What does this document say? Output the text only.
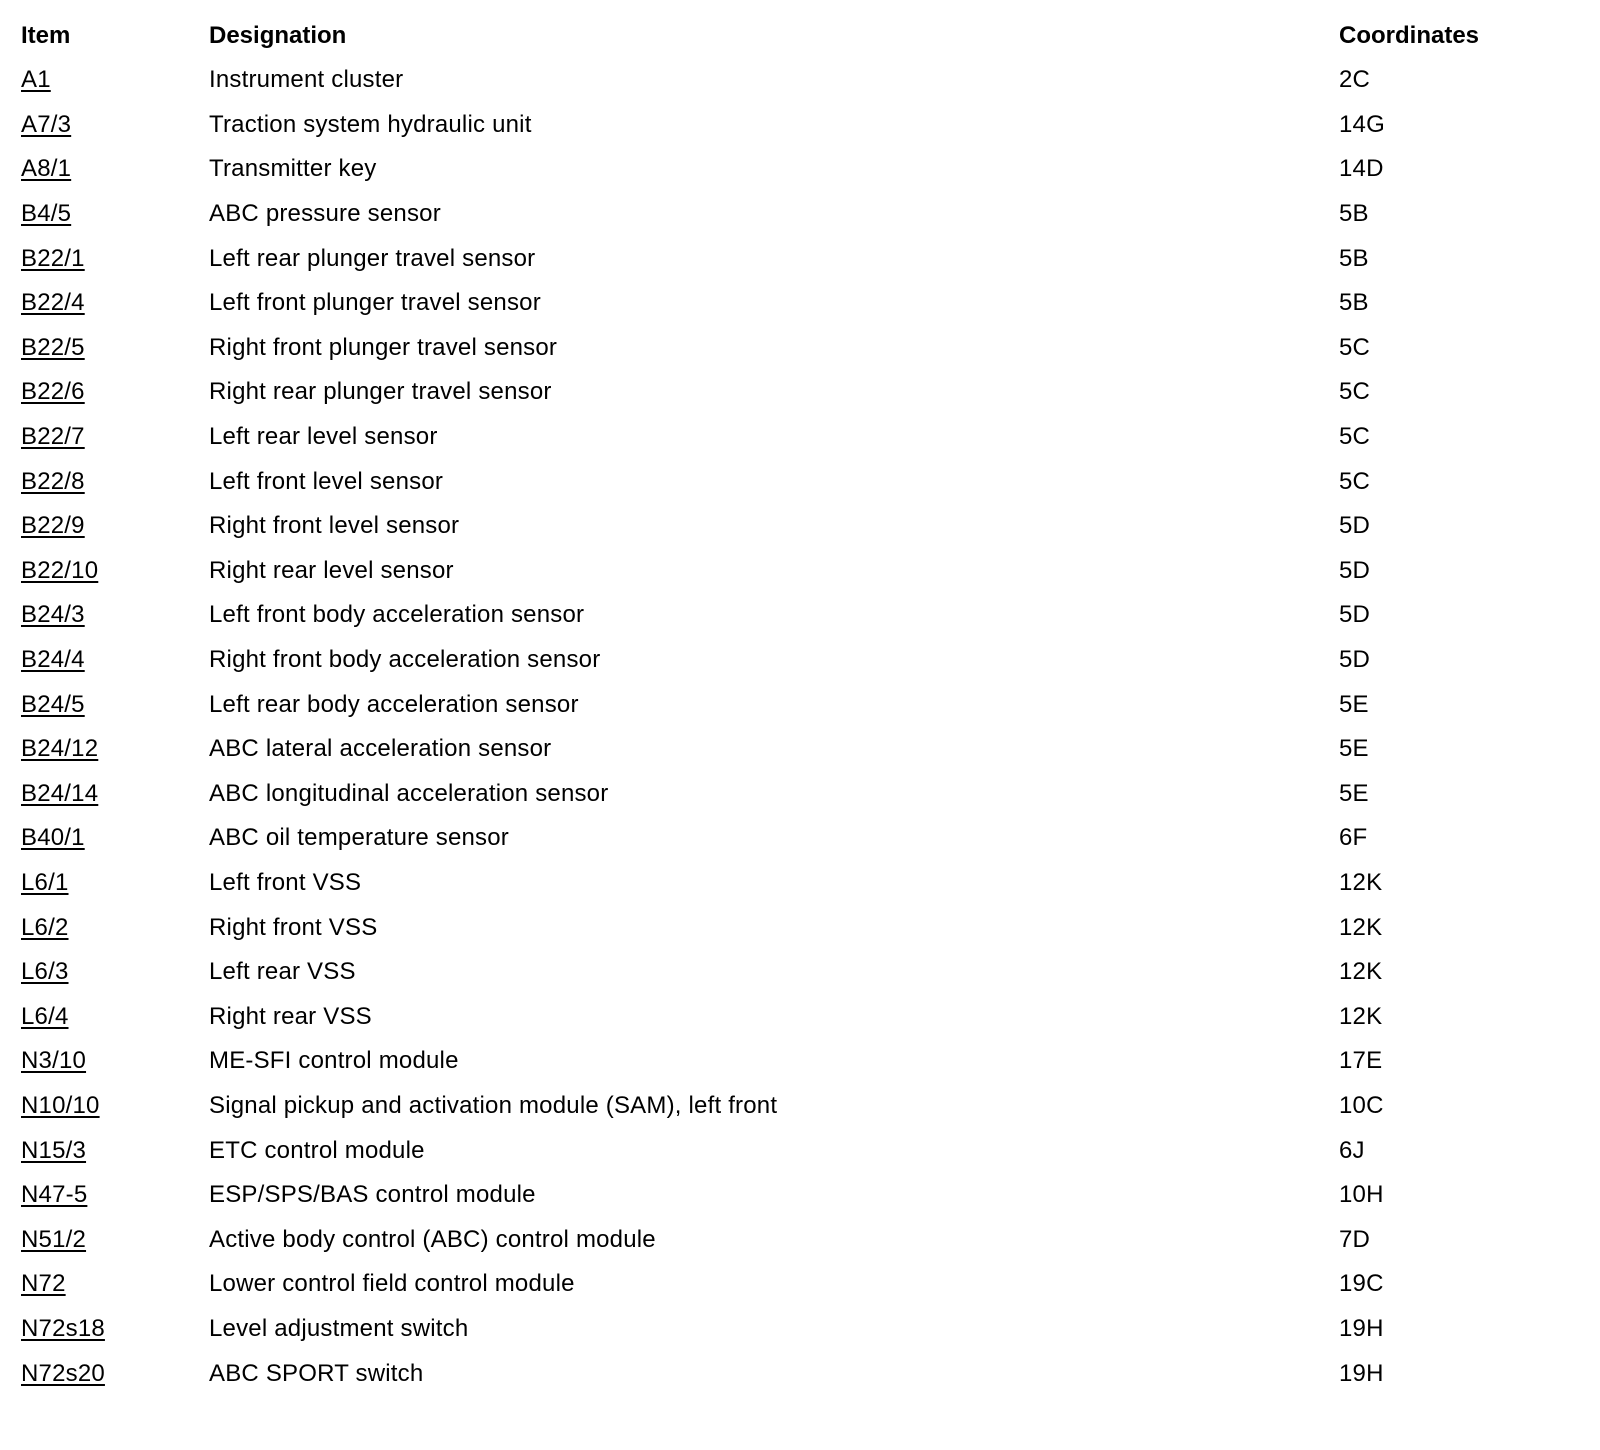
Item	Designation	Coordinates
A1	Instrument cluster	2C
A7/3	Traction system hydraulic unit	14G
A8/1	Transmitter key	14D
B4/5	ABC pressure sensor	5B
B22/1	Left rear plunger travel sensor	5B
B22/4	Left front plunger travel sensor	5B
B22/5	Right front plunger travel sensor	5C
B22/6	Right rear plunger travel sensor	5C
B22/7	Left rear level sensor	5C
B22/8	Left front level sensor	5C
B22/9	Right front level sensor	5D
B22/10	Right rear level sensor	5D
B24/3	Left front body acceleration sensor	5D
B24/4	Right front body acceleration sensor	5D
B24/5	Left rear body acceleration sensor	5E
B24/12	ABC lateral acceleration sensor	5E
B24/14	ABC longitudinal acceleration sensor	5E
B40/1	ABC oil temperature sensor	6F
L6/1	Left front VSS	12K
L6/2	Right front VSS	12K
L6/3	Left rear VSS	12K
L6/4	Right rear VSS	12K
N3/10	ME-SFI control module	17E
N10/10	Signal pickup and activation module (SAM), left front	10C
N15/3	ETC control module	6J
N47-5	ESP/SPS/BAS control module	10H
N51/2	Active body control (ABC) control module	7D
N72	Lower control field control module	19C
N72s18	Level adjustment switch	19H
N72s20	ABC SPORT switch	19H
